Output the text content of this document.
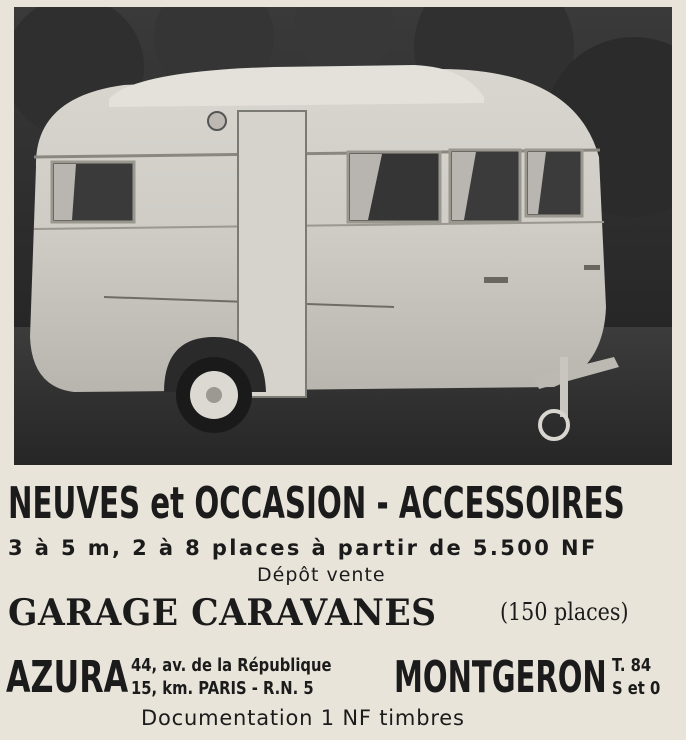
NEUVES et OCCASION - ACCESSOIRES
3 à 5 m, 2 à 8 places à partir de 5.500 NF
Dépôt vente
GARAGE CARAVANES	(150 places)
AZURA 44, av. de la République
15, km. PARIS - R.N. 5	MONTGERON T. 84
S et 0
Documentation 1 NF timbres
